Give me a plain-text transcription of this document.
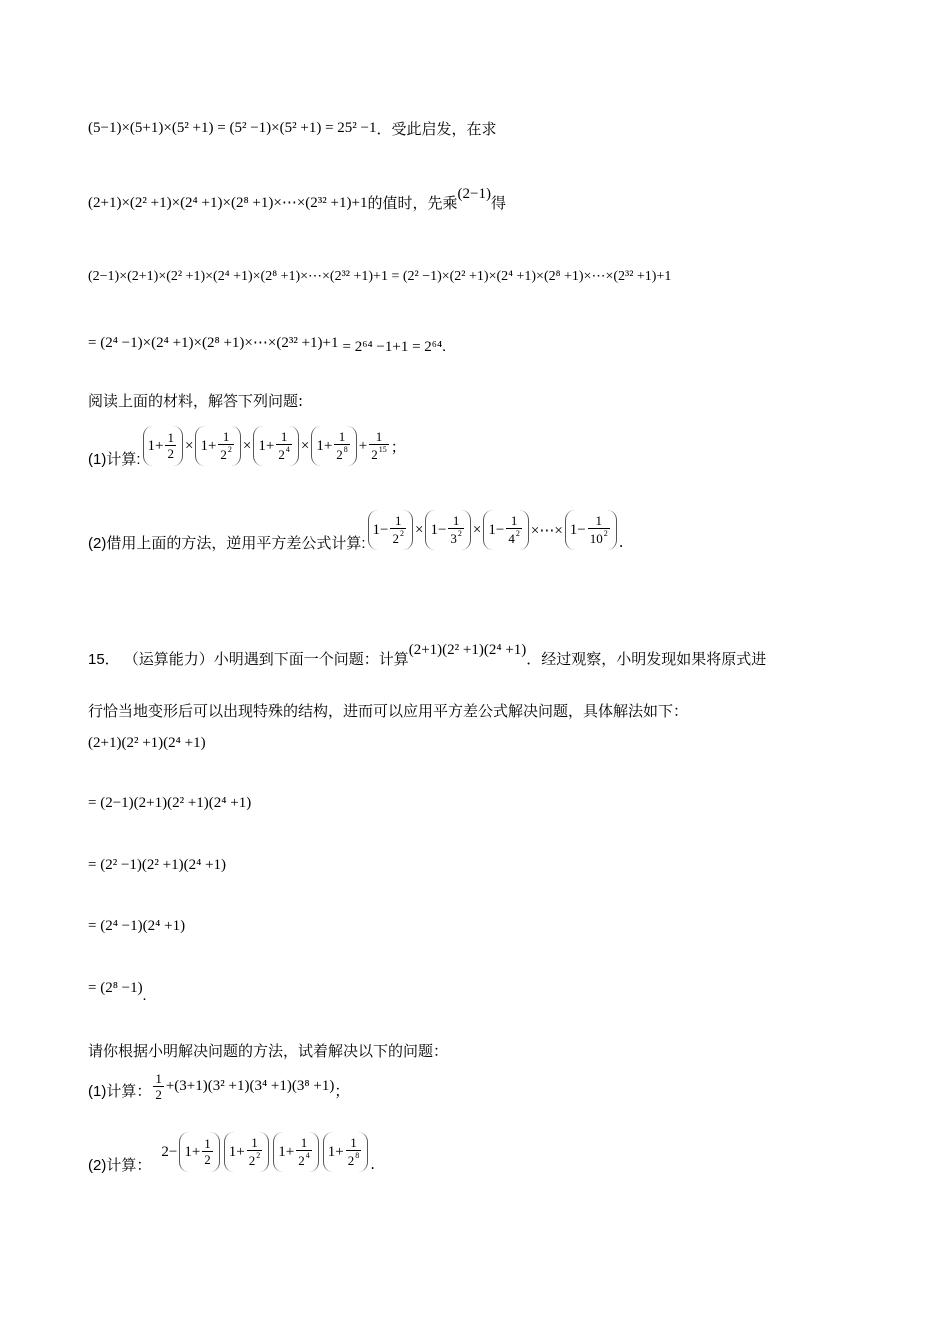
(5−1)×(5+1)×(5² +1) = (5² −1)×(5² +1) = 25² −1 ．受此启发，在求
(2+1)×(2² +1)×(2⁴ +1)×(2⁸ +1)×⋯×(2³² +1)+1 的值时，先乘 (2−1) 得
(2−1)×(2+1)×(2² +1)×(2⁴ +1)×(2⁸ +1)×⋯×(2³² +1)+1 = (2² −1)×(2² +1)×(2⁴ +1)×(2⁸ +1)×⋯×(2³² +1)+1
= (2⁴ −1)×(2⁴ +1)×(2⁸ +1)×⋯×(2³² +1)+1 = 2⁶⁴ −1+1 = 2⁶⁴ .
阅读上面的材料，解答下列问题:
(1)计算:
$1+ \frac{1}{2} \times 1+ \frac{1}{2^2} \times 1+ \frac{1}{2^4} \times 1+ \frac{1}{2^8} + \frac{1}{2^{15}}$ ；
(2)借用上面的方法，逆用平方差公式计算:
$1- \frac{1}{2^2} \times 1- \frac{1}{3^2} \times 1- \frac{1}{4^2}$ ×⋯× $1- \frac{1}{10^2}$ .
15． （运算能力）小明遇到下面一个问题：计算 (2+1)(2² +1)(2⁴ +1) ．经过观察，小明发现如果将原式进
行恰当地变形后可以出现特殊的结构，进而可以应用平方差公式解决问题，具体解法如下：
(2+1)(2² +1)(2⁴ +1)
= (2−1)(2+1)(2² +1)(2⁴ +1)
= (2² −1)(2² +1)(2⁴ +1)
= (2⁴ −1)(2⁴ +1)
= (2⁸ −1) .
请你根据小明解决问题的方法，试着解决以下的问题：
(1)计算： $\frac{1}{2} +(3+1)(3^2 +1)(3^4 +1)(3^8 +1)$ ；
(2)计算：
$2- 1+ \frac{1}{2}$	$1+ \frac{1}{2^2}$	$1+ \frac{1}{2^4}$	$1+ \frac{1}{2^8}$ .
